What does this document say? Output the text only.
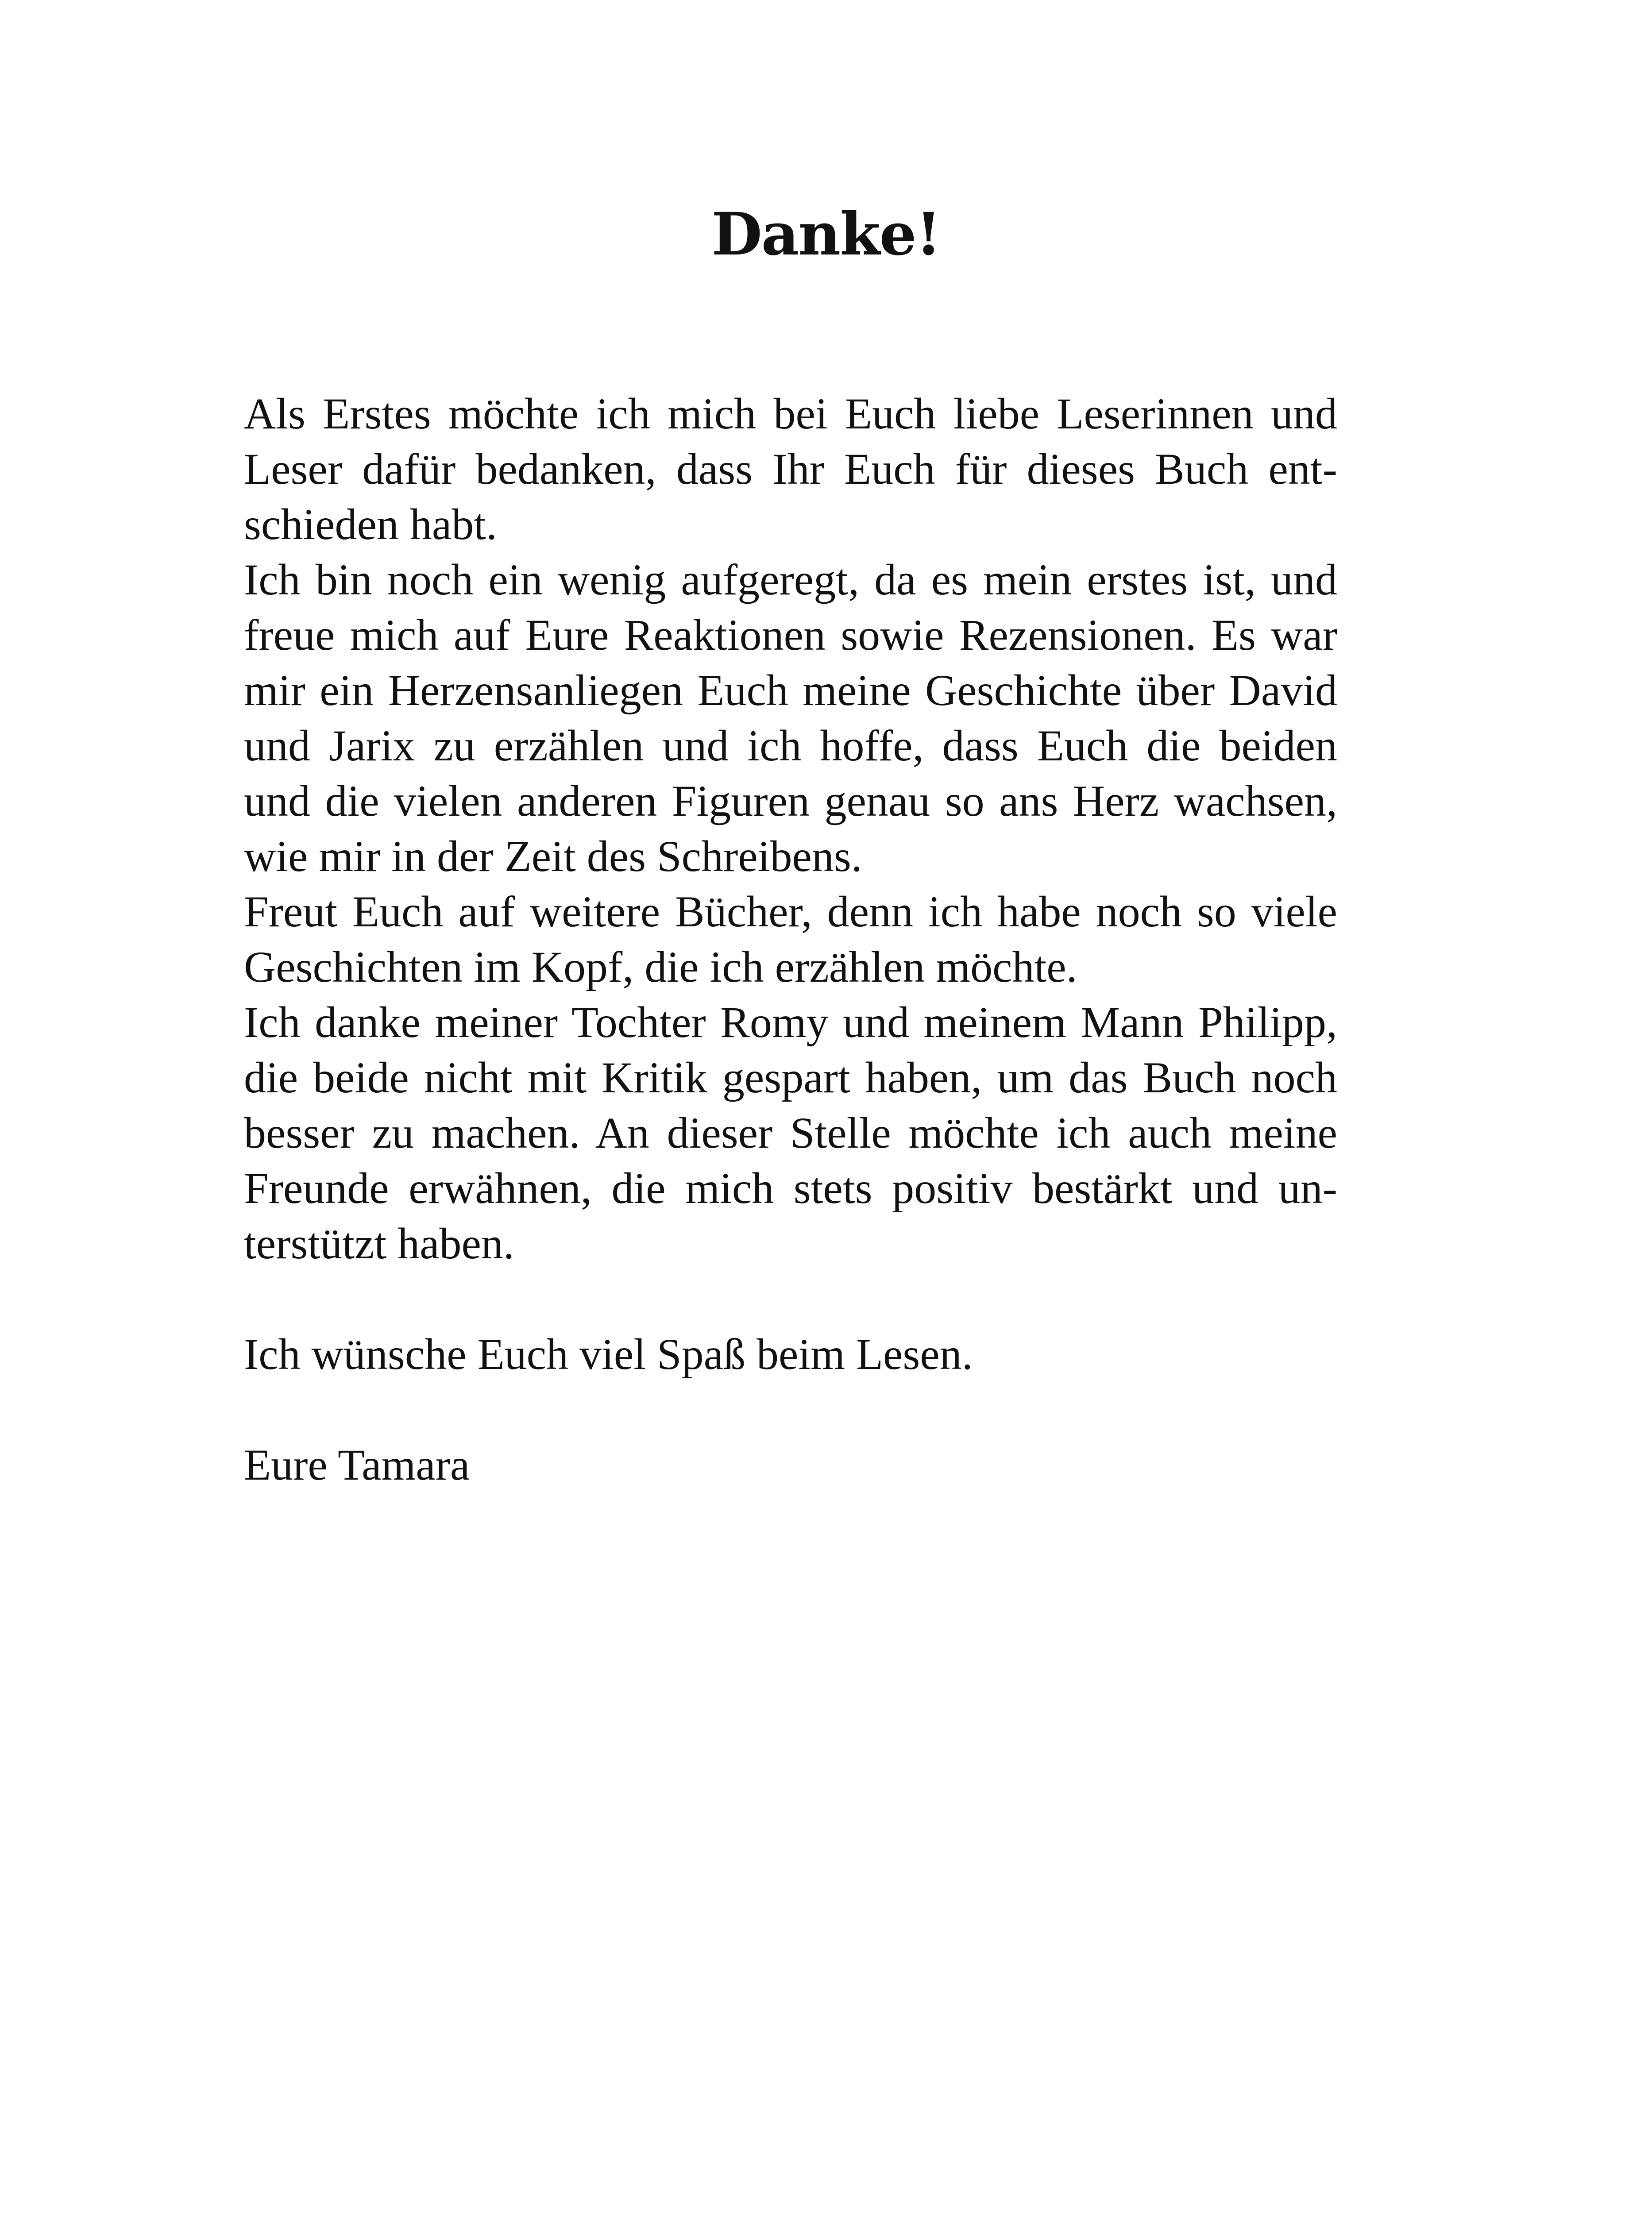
Danke!
Als Erstes möchte ich mich bei Euch liebe Leserinnen und
Leser dafür bedanken, dass Ihr Euch für dieses Buch ent-
schieden habt.
Ich bin noch ein wenig aufgeregt, da es mein erstes ist, und
freue mich auf Eure Reaktionen sowie Rezensionen. Es war
mir ein Herzensanliegen Euch meine Geschichte über David
und Jarix zu erzählen und ich hoffe, dass Euch die beiden
und die vielen anderen Figuren genau so ans Herz wachsen,
wie mir in der Zeit des Schreibens.
Freut Euch auf weitere Bücher, denn ich habe noch so viele
Geschichten im Kopf, die ich erzählen möchte.
Ich danke meiner Tochter Romy und meinem Mann Philipp,
die beide nicht mit Kritik gespart haben, um das Buch noch
besser zu machen. An dieser Stelle möchte ich auch meine
Freunde erwähnen, die mich stets positiv bestärkt und un-
terstützt haben.
Ich wünsche Euch viel Spaß beim Lesen.
Eure Tamara
